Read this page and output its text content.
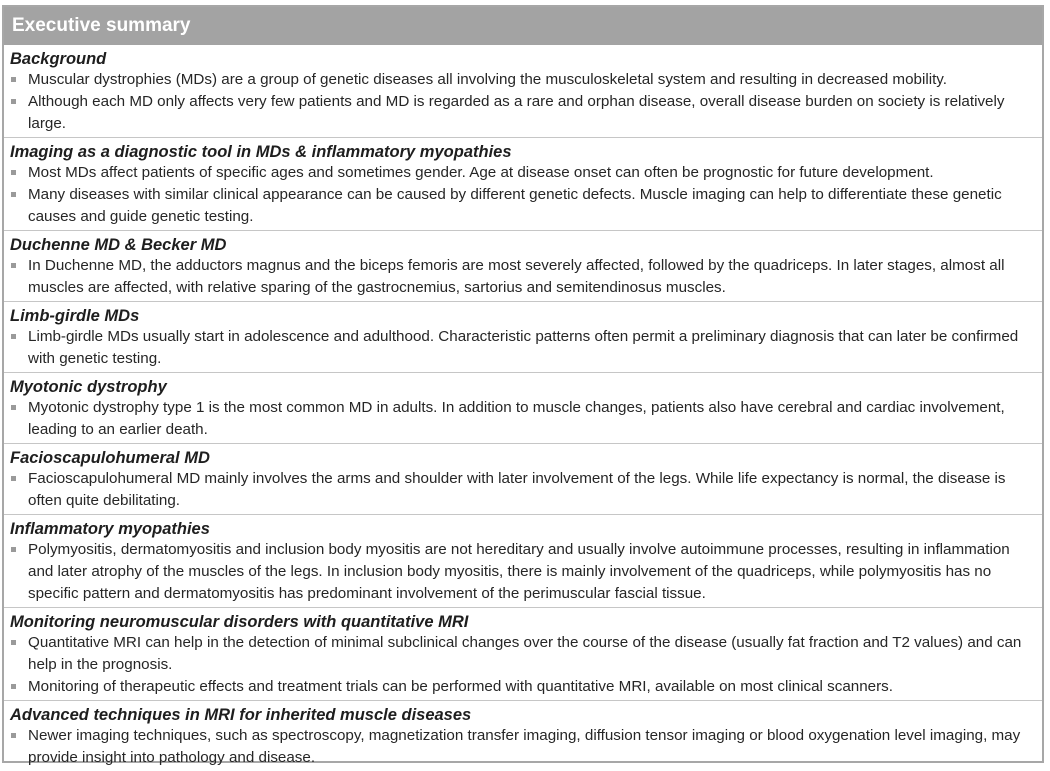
Executive summary
Background
Muscular dystrophies (MDs) are a group of genetic diseases all involving the musculoskeletal system and resulting in decreased mobility.
Although each MD only affects very few patients and MD is regarded as a rare and orphan disease, overall disease burden on society is relatively large.
Imaging as a diagnostic tool in MDs & inflammatory myopathies
Most MDs affect patients of specific ages and sometimes gender. Age at disease onset can often be prognostic for future development.
Many diseases with similar clinical appearance can be caused by different genetic defects. Muscle imaging can help to differentiate these genetic causes and guide genetic testing.
Duchenne MD & Becker MD
In Duchenne MD, the adductors magnus and the biceps femoris are most severely affected, followed by the quadriceps. In later stages, almost all muscles are affected, with relative sparing of the gastrocnemius, sartorius and semitendinosus muscles.
Limb-girdle MDs
Limb-girdle MDs usually start in adolescence and adulthood. Characteristic patterns often permit a preliminary diagnosis that can later be confirmed with genetic testing.
Myotonic dystrophy
Myotonic dystrophy type 1 is the most common MD in adults. In addition to muscle changes, patients also have cerebral and cardiac involvement, leading to an earlier death.
Facioscapulohumeral MD
Facioscapulohumeral MD mainly involves the arms and shoulder with later involvement of the legs. While life expectancy is normal, the disease is often quite debilitating.
Inflammatory myopathies
Polymyositis, dermatomyositis and inclusion body myositis are not hereditary and usually involve autoimmune processes, resulting in inflammation and later atrophy of the muscles of the legs. In inclusion body myositis, there is mainly involvement of the quadriceps, while polymyositis has no specific pattern and dermatomyositis has predominant involvement of the perimuscular fascial tissue.
Monitoring neuromuscular disorders with quantitative MRI
Quantitative MRI can help in the detection of minimal subclinical changes over the course of the disease (usually fat fraction and T2 values) and can help in the prognosis.
Monitoring of therapeutic effects and treatment trials can be performed with quantitative MRI, available on most clinical scanners.
Advanced techniques in MRI for inherited muscle diseases
Newer imaging techniques, such as spectroscopy, magnetization transfer imaging, diffusion tensor imaging or blood oxygenation level imaging, may provide insight into pathology and disease.
